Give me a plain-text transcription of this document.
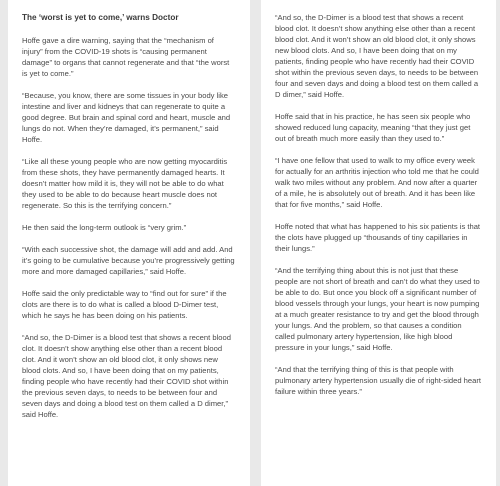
The ‘worst is yet to come,’ warns Doctor

Hoffe gave a dire warning, saying that the “mechanism of injury” from the COVID-19 shots is “causing permanent damage” to organs that cannot regenerate and that “the worst is yet to come.”

“Because, you know, there are some tissues in your body like intestine and liver and kidneys that can regenerate to quite a good degree. But brain and spinal cord and heart, muscle and lungs do not. When they’re damaged, it’s permanent,” said Hoffe.

“Like all these young people who are now getting myocarditis from these shots, they have permanently damaged hearts. It doesn’t matter how mild it is, they will not be able to do what they used to be able to do because heart muscle does not regenerate. So this is the terrifying concern.”

He then said the long-term outlook is “very grim.”

“With each successive shot, the damage will add and add. And it’s going to be cumulative because you’re progressively getting more and more damaged capillaries,” said Hoffe.

Hoffe said the only predictable way to “find out for sure” if the clots are there is to do what is called a blood D-Dimer test, which he says he has been doing on his patients.

“And so, the D-Dimer is a blood test that shows a recent blood clot. It doesn’t show anything else other than a recent blood clot. And it won’t show an old blood clot, it only shows new blood clots. And so, I have been doing that on my patients, finding people who have recently had their COVID shot within the previous seven days, to needs to be between four and seven days and doing a blood test on them called a D dimer,” said Hoffe.

“And so, the D-Dimer is a blood test that shows a recent blood clot. It doesn’t show anything else other than a recent blood clot. And it won’t show an old blood clot, it only shows new blood clots. And so, I have been doing that on my patients, finding people who have recently had their COVID shot within the previous seven days, to needs to be between four and seven days and doing a blood test on them called a D dimer,” said Hoffe.

Hoffe said that in his practice, he has seen six people who showed reduced lung capacity, meaning “that they just get out of breath much more easily than they used to.”

“I have one fellow that used to walk to my office every week for actually for an arthritis injection who told me that he could walk two miles without any problem. And now after a quarter of a mile, he is absolutely out of breath. And it has been like that for five months,” said Hoffe.

Hoffe noted that what has happened to his six patients is that the clots have plugged up “thousands of tiny capillaries in their lungs.”

“And the terrifying thing about this is not just that these people are not short of breath and can’t do what they used to be able to do. But once you block off a significant number of blood vessels through your lungs, your heart is now pumping at a much greater resistance to try and get the blood through your lungs. And the problem, so that causes a condition called pulmonary artery hypertension, like high blood pressure in your lungs,” said Hoffe.

“And that the terrifying thing of this is that people with pulmonary artery hypertension usually die of right-sided heart failure within three years.”
